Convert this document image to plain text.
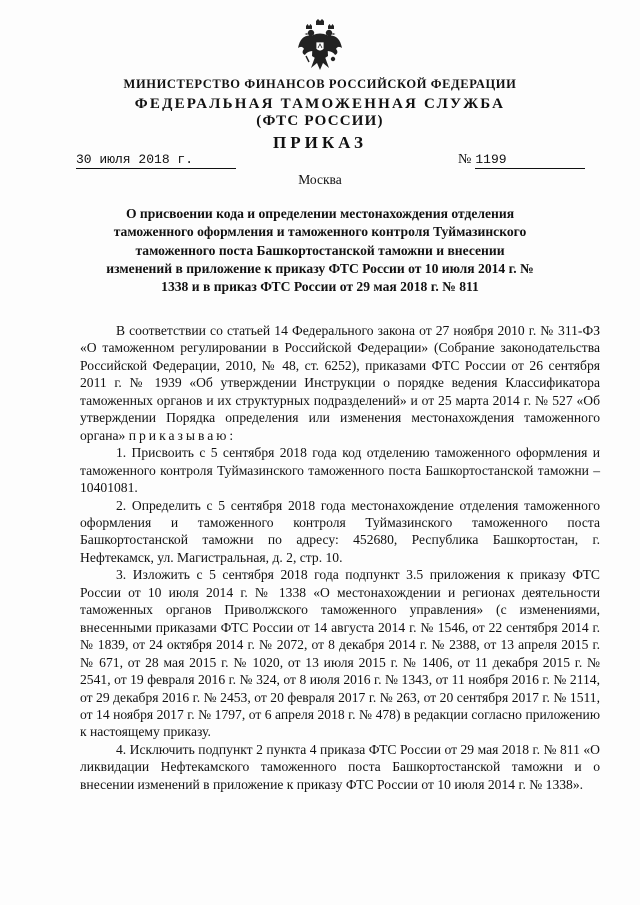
МИНИСТЕРСТВО ФИНАНСОВ РОССИЙСКОЙ ФЕДЕРАЦИИ
ФЕДЕРАЛЬНАЯ ТАМОЖЕННАЯ СЛУЖБА
(ФТС РОССИИ)
ПРИКАЗ
30 июля 2018 г.	№ 1199
Москва
О присвоении кода и определении местонахождения отделения таможенного оформления и таможенного контроля Туймазинского таможенного поста Башкортостанской таможни и внесении изменений в приложение к приказу ФТС России от 10 июля 2014 г. № 1338 и в приказ ФТС России от 29 мая 2018 г. № 811

В соответствии со статьей 14 Федерального закона от 27 ноября 2010 г. № 311-ФЗ «О таможенном регулировании в Российской Федерации» (Собрание законодательства Российской Федерации, 2010, № 48, ст. 6252), приказами ФТС России от 26 сентября 2011 г. № 1939 «Об утверждении Инструкции о порядке ведения Классификатора таможенных органов и их структурных подразделений» и от 25 марта 2014 г. № 527 «Об утверждении Порядка определения или изменения местонахождения таможенного органа» приказываю:

1. Присвоить с 5 сентября 2018 года код отделению таможенного оформления и таможенного контроля Туймазинского таможенного поста Башкортостанской таможни – 10401081.

2. Определить с 5 сентября 2018 года местонахождение отделения таможенного оформления и таможенного контроля Туймазинского таможенного поста Башкортостанской таможни по адресу: 452680, Республика Башкортостан, г. Нефтекамск, ул. Магистральная, д. 2, стр. 10.

3. Изложить с 5 сентября 2018 года подпункт 3.5 приложения к приказу ФТС России от 10 июля 2014 г. № 1338 «О местонахождении и регионах деятельности таможенных органов Приволжского таможенного управления» (с изменениями, внесенными приказами ФТС России от 14 августа 2014 г. № 1546, от 22 сентября 2014 г. № 1839, от 24 октября 2014 г. № 2072, от 8 декабря 2014 г. № 2388, от 13 апреля 2015 г. № 671, от 28 мая 2015 г. № 1020, от 13 июля 2015 г. № 1406, от 11 декабря 2015 г. № 2541, от 19 февраля 2016 г. № 324, от 8 июля 2016 г. № 1343, от 11 ноября 2016 г. № 2114, от 29 декабря 2016 г. № 2453, от 20 февраля 2017 г. № 263, от 20 сентября 2017 г. № 1511, от 14 ноября 2017 г. № 1797, от 6 апреля 2018 г. № 478) в редакции согласно приложению к настоящему приказу.

4. Исключить подпункт 2 пункта 4 приказа ФТС России от 29 мая 2018 г. № 811 «О ликвидации Нефтекамского таможенного поста Башкортостанской таможни и о внесении изменений в приложение к приказу ФТС России от 10 июля 2014 г. № 1338».
